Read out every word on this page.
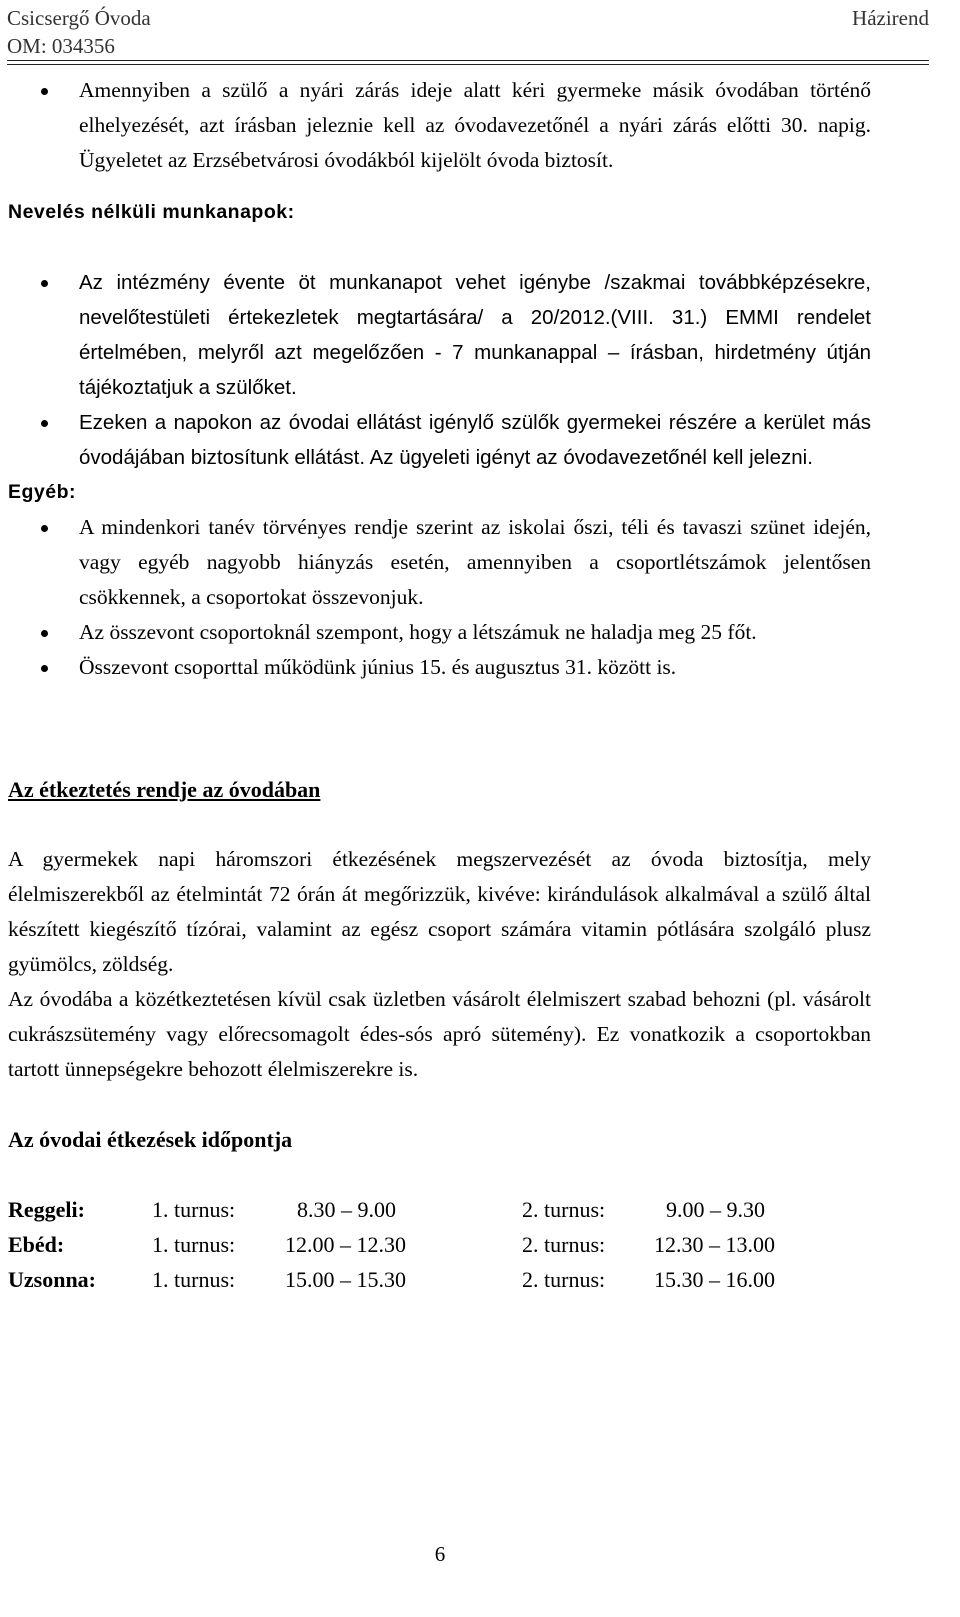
Csicsergő Óvoda
OM: 034356
Házirend
Amennyiben a szülő a nyári zárás ideje alatt kéri gyermeke másik óvodában történő elhelyezését, azt írásban jeleznie kell az óvodavezetőnél a nyári zárás előtti 30. napig. Ügyeletet az Erzsébetvárosi óvodákból kijelölt óvoda biztosít.
Nevelés nélküli munkanapok:
Az intézmény évente öt munkanapot vehet igénybe /szakmai továbbképzésekre, nevelőtestületi értekezletek megtartására/ a 20/2012.(VIII. 31.) EMMI rendelet értelmében, melyről azt megelőzően - 7 munkanappal – írásban, hirdetmény útján tájékoztatjuk a szülőket.
Ezeken a napokon az óvodai ellátást igénylő szülők gyermekei részére a kerület más óvodájában biztosítunk ellátást. Az ügyeleti igényt az óvodavezetőnél kell jelezni.
Egyéb:
A mindenkori tanév törvényes rendje szerint az iskolai őszi, téli és tavaszi szünet idején, vagy egyéb nagyobb hiányzás esetén, amennyiben a csoportlétszámok jelentősen csökkennek, a csoportokat összevonjuk.
Az összevont csoportoknál szempont, hogy a létszámuk ne haladja meg 25 főt.
Összevont csoporttal működünk június 15. és augusztus 31. között is.
Az étkeztetés rendje az óvodában

A gyermekek napi háromszori étkezésének megszervezését az óvoda biztosítja, mely élelmiszerekből az ételmintát 72 órán át megőrizzük, kivéve: kirándulások alkalmával a szülő által készített kiegészítő tízórai, valamint az egész csoport számára vitamin pótlására szolgáló plusz gyümölcs, zöldség.

Az óvodába a közétkeztetésen kívül csak üzletben vásárolt élelmiszert szabad behozni (pl. vásárolt cukrászsütemény vagy előrecsomagolt édes-sós apró sütemény). Ez vonatkozik a csoportokban tartott ünnepségekre behozott élelmiszerekre is.

Az óvodai étkezések időpontja
Reggeli:	1. turnus:	8.30 – 9.00	2. turnus:	9.00 – 9.30
Ebéd:	1. turnus:	12.00 – 12.30	2. turnus:	12.30 – 13.00
Uzsonna:	1. turnus:	15.00 – 15.30	2. turnus:	15.30 – 16.00
6
